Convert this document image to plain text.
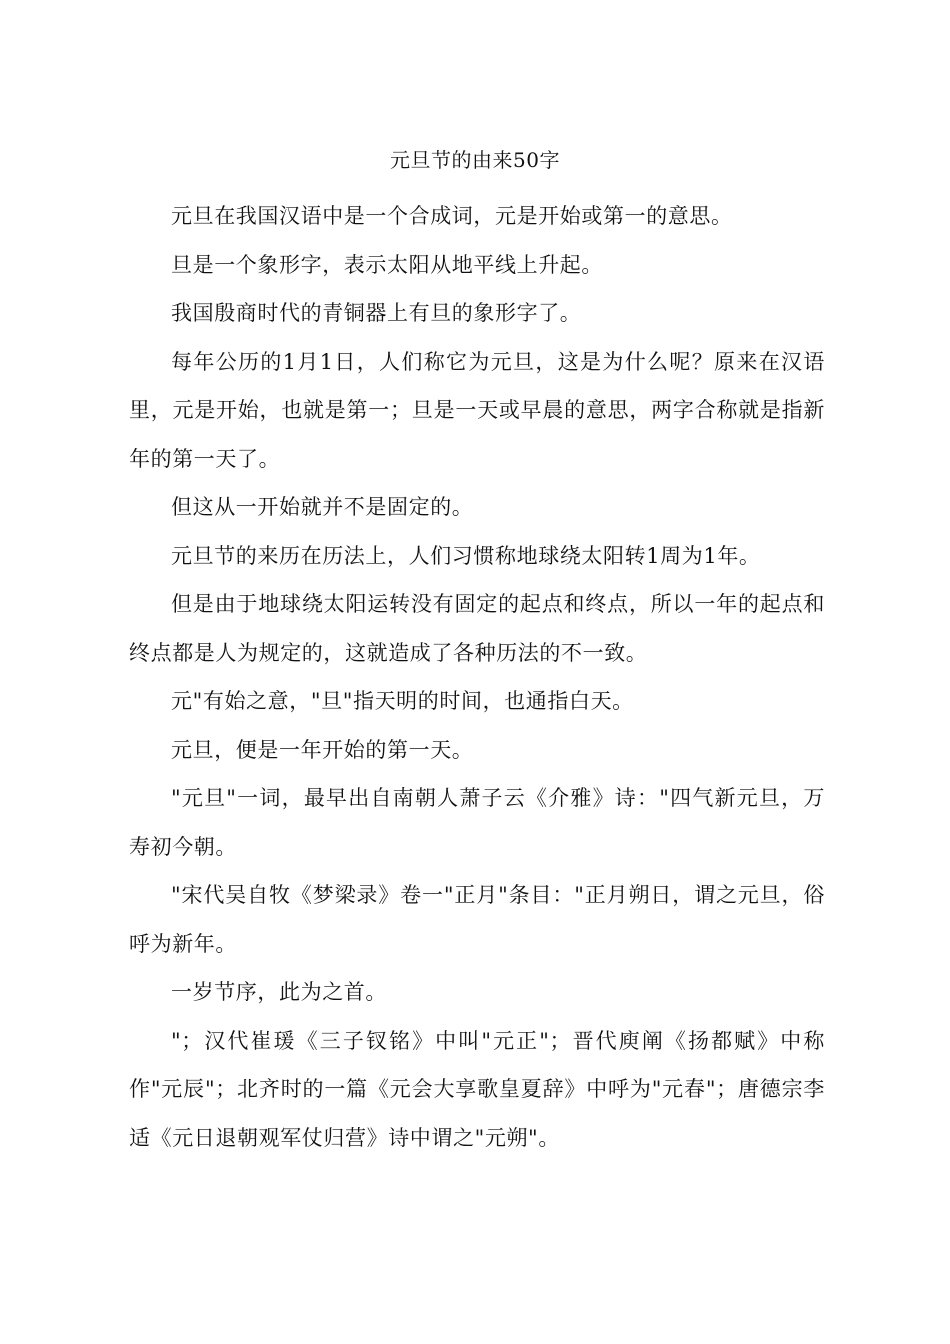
元旦节的由来50字

元旦在我国汉语中是一个合成词，元是开始或第一的意思。

旦是一个象形字，表示太阳从地平线上升起。

我国殷商时代的青铜器上有旦的象形字了。

每年公历的1月1日，人们称它为元旦，这是为什么呢？原来在汉语里，元是开始，也就是第一；旦是一天或早晨的意思，两字合称就是指新年的第一天了。

但这从一开始就并不是固定的。

元旦节的来历在历法上，人们习惯称地球绕太阳转1周为1年。

但是由于地球绕太阳运转没有固定的起点和终点，所以一年的起点和终点都是人为规定的，这就造成了各种历法的不一致。

元"有始之意，"旦"指天明的时间，也通指白天。

元旦，便是一年开始的第一天。

"元旦"一词，最早出自南朝人萧子云《介雅》诗："四气新元旦，万寿初今朝。

"宋代吴自牧《梦梁录》卷一"正月"条目："正月朔日，谓之元旦，俗呼为新年。

一岁节序，此为之首。

"；汉代崔瑗《三子钗铭》中叫"元正"；晋代庾阐《扬都赋》中称作"元辰"；北齐时的一篇《元会大享歌皇夏辞》中呼为"元春"；唐德宗李适《元日退朝观军仗归营》诗中谓之"元朔"。
